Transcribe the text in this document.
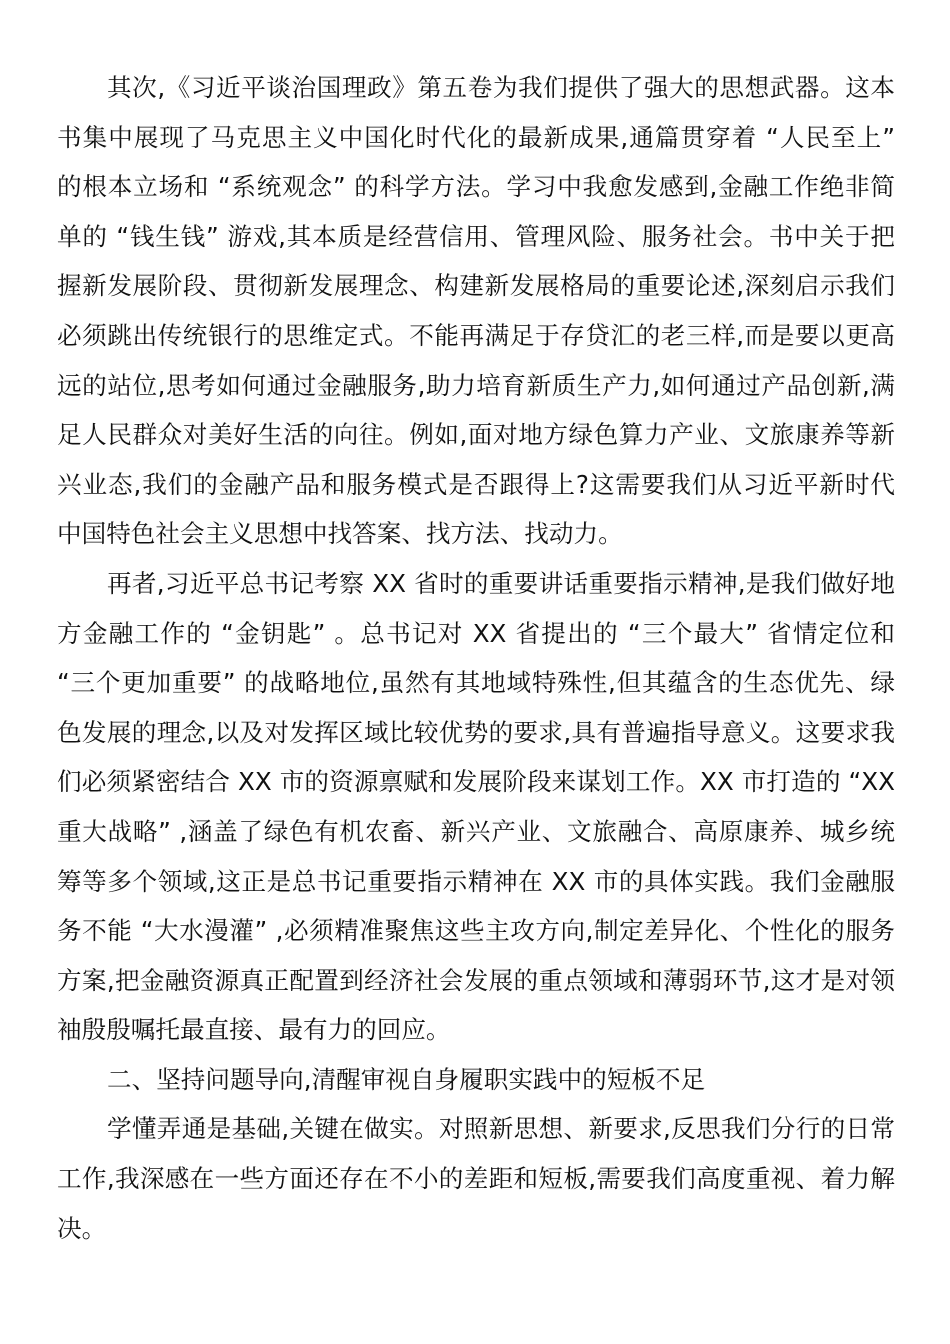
其次,《习近平谈治国理政》第五卷为我们提供了强大的思想武器。这本
书集中展现了马克思主义中国化时代化的最新成果,通篇贯穿着 “人民至上”
的根本立场和 “系统观念” 的科学方法。学习中我愈发感到,金融工作绝非简
单的 “钱生钱” 游戏,其本质是经营信用、管理风险、服务社会。书中关于把
握新发展阶段、贯彻新发展理念、构建新发展格局的重要论述,深刻启示我们
必须跳出传统银行的思维定式。不能再满足于存贷汇的老三样,而是要以更高
远的站位,思考如何通过金融服务,助力培育新质生产力,如何通过产品创新,满
足人民群众对美好生活的向往。例如,面对地方绿色算力产业、文旅康养等新
兴业态,我们的金融产品和服务模式是否跟得上?这需要我们从习近平新时代
中国特色社会主义思想中找答案、找方法、找动力。
再者,习近平总书记考察 XX 省时的重要讲话重要指示精神,是我们做好地
方金融工作的 “金钥匙” 。总书记对 XX 省提出的 “三个最大” 省情定位和
“三个更加重要” 的战略地位,虽然有其地域特殊性,但其蕴含的生态优先、绿
色发展的理念,以及对发挥区域比较优势的要求,具有普遍指导意义。这要求我
们必须紧密结合 XX 市的资源禀赋和发展阶段来谋划工作。XX 市打造的 “XX
重大战略” ,涵盖了绿色有机农畜、新兴产业、文旅融合、高原康养、城乡统
筹等多个领域,这正是总书记重要指示精神在 XX 市的具体实践。我们金融服
务不能 “大水漫灌” ,必须精准聚焦这些主攻方向,制定差异化、个性化的服务
方案,把金融资源真正配置到经济社会发展的重点领域和薄弱环节,这才是对领
袖殷殷嘱托最直接、最有力的回应。
二、坚持问题导向,清醒审视自身履职实践中的短板不足
学懂弄通是基础,关键在做实。对照新思想、新要求,反思我们分行的日常
工作,我深感在一些方面还存在不小的差距和短板,需要我们高度重视、着力解
决。
